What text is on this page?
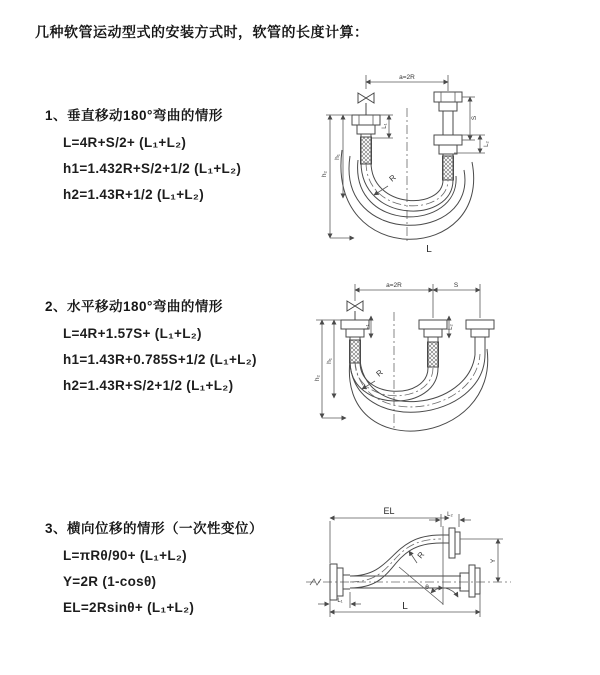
几种软管运动型式的安装方式时，软管的长度计算：
1、垂直移动180°弯曲的情形
L=4R+S/2+ (L₁+L₂)
h1=1.432R+S/2+1/2 (L₁+L₂)
h2=1.43R+1/2 (L₁+L₂)
2、水平移动180°弯曲的情形
L=4R+1.57S+ (L₁+L₂)
h1=1.43R+0.785S+1/2 (L₁+L₂)
h2=1.43R+S/2+1/2 (L₁+L₂)
3、横向位移的情形（一次性变位）
L=πRθ/90+ (L₁+L₂)
Y=2R (1-cosθ)
EL=2Rsinθ+ (L₁+L₂)
a=2R
L₁
S
L₂
R
h₁
h₂
L
a=2R	S
L₁	L₂
R
h₁
h₂
EL	L₂
Y
R
θ
L₁	L
